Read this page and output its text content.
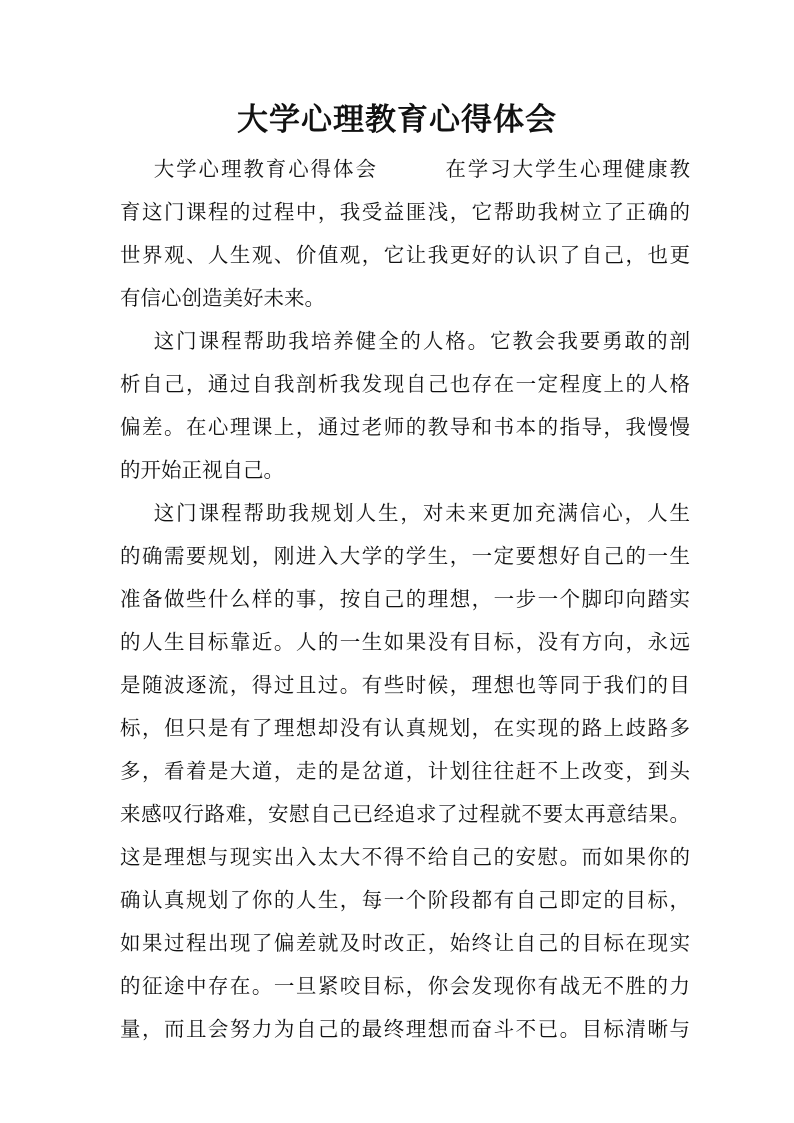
大学心理教育心得体会

大学心理教育心得体会        在学习大学生心理健康教

育这门课程的过程中，我受益匪浅，它帮助我树立了正确的

世界观、人生观、价值观，它让我更好的认识了自己，也更

有信心创造美好未来。

这门课程帮助我培养健全的人格。它教会我要勇敢的剖

析自己，通过自我剖析我发现自己也存在一定程度上的人格

偏差。在心理课上，通过老师的教导和书本的指导，我慢慢

的开始正视自己。

这门课程帮助我规划人生，对未来更加充满信心，人生

的确需要规划，刚进入大学的学生，一定要想好自己的一生

准备做些什么样的事，按自己的理想，一步一个脚印向踏实

的人生目标靠近。人的一生如果没有目标，没有方向，永远

是随波逐流，得过且过。有些时候，理想也等同于我们的目

标，但只是有了理想却没有认真规划，在实现的路上歧路多

多，看着是大道，走的是岔道，计划往往赶不上改变，到头

来感叹行路难，安慰自己已经追求了过程就不要太再意结果。

这是理想与现实出入太大不得不给自己的安慰。而如果你的

确认真规划了你的人生，每一个阶段都有自己即定的目标，

如果过程出现了偏差就及时改正，始终让自己的目标在现实

的征途中存在。一旦紧咬目标，你会发现你有战无不胜的力

量，而且会努力为自己的最终理想而奋斗不已。目标清晰与
